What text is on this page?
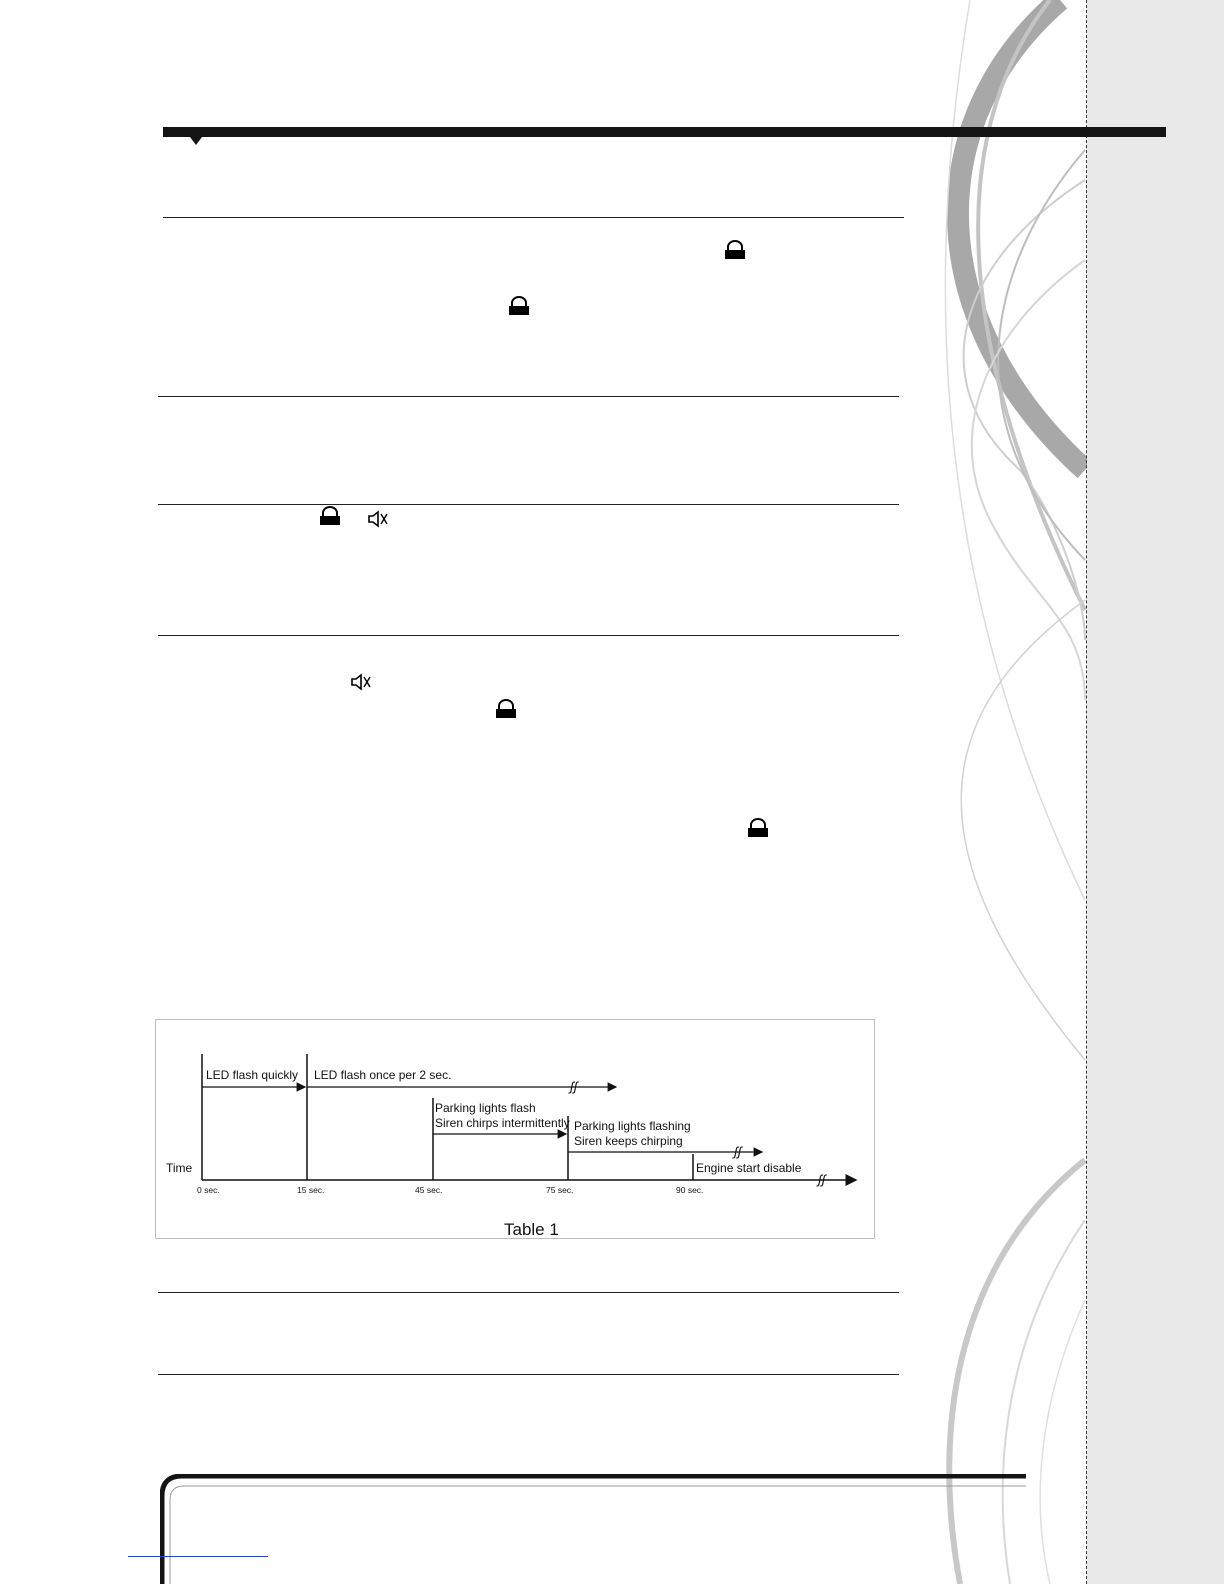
ʃʃ
ʃʃ
ʃʃ
LED flash quickly LED flash once per 2 sec.
Parking lights flash
Siren chirps intermittently Parking lights flashing
Siren keeps chirping
Engine start disable
Time
0 sec.	15 sec.	45 sec.	75 sec.	90 sec.
Table 1
